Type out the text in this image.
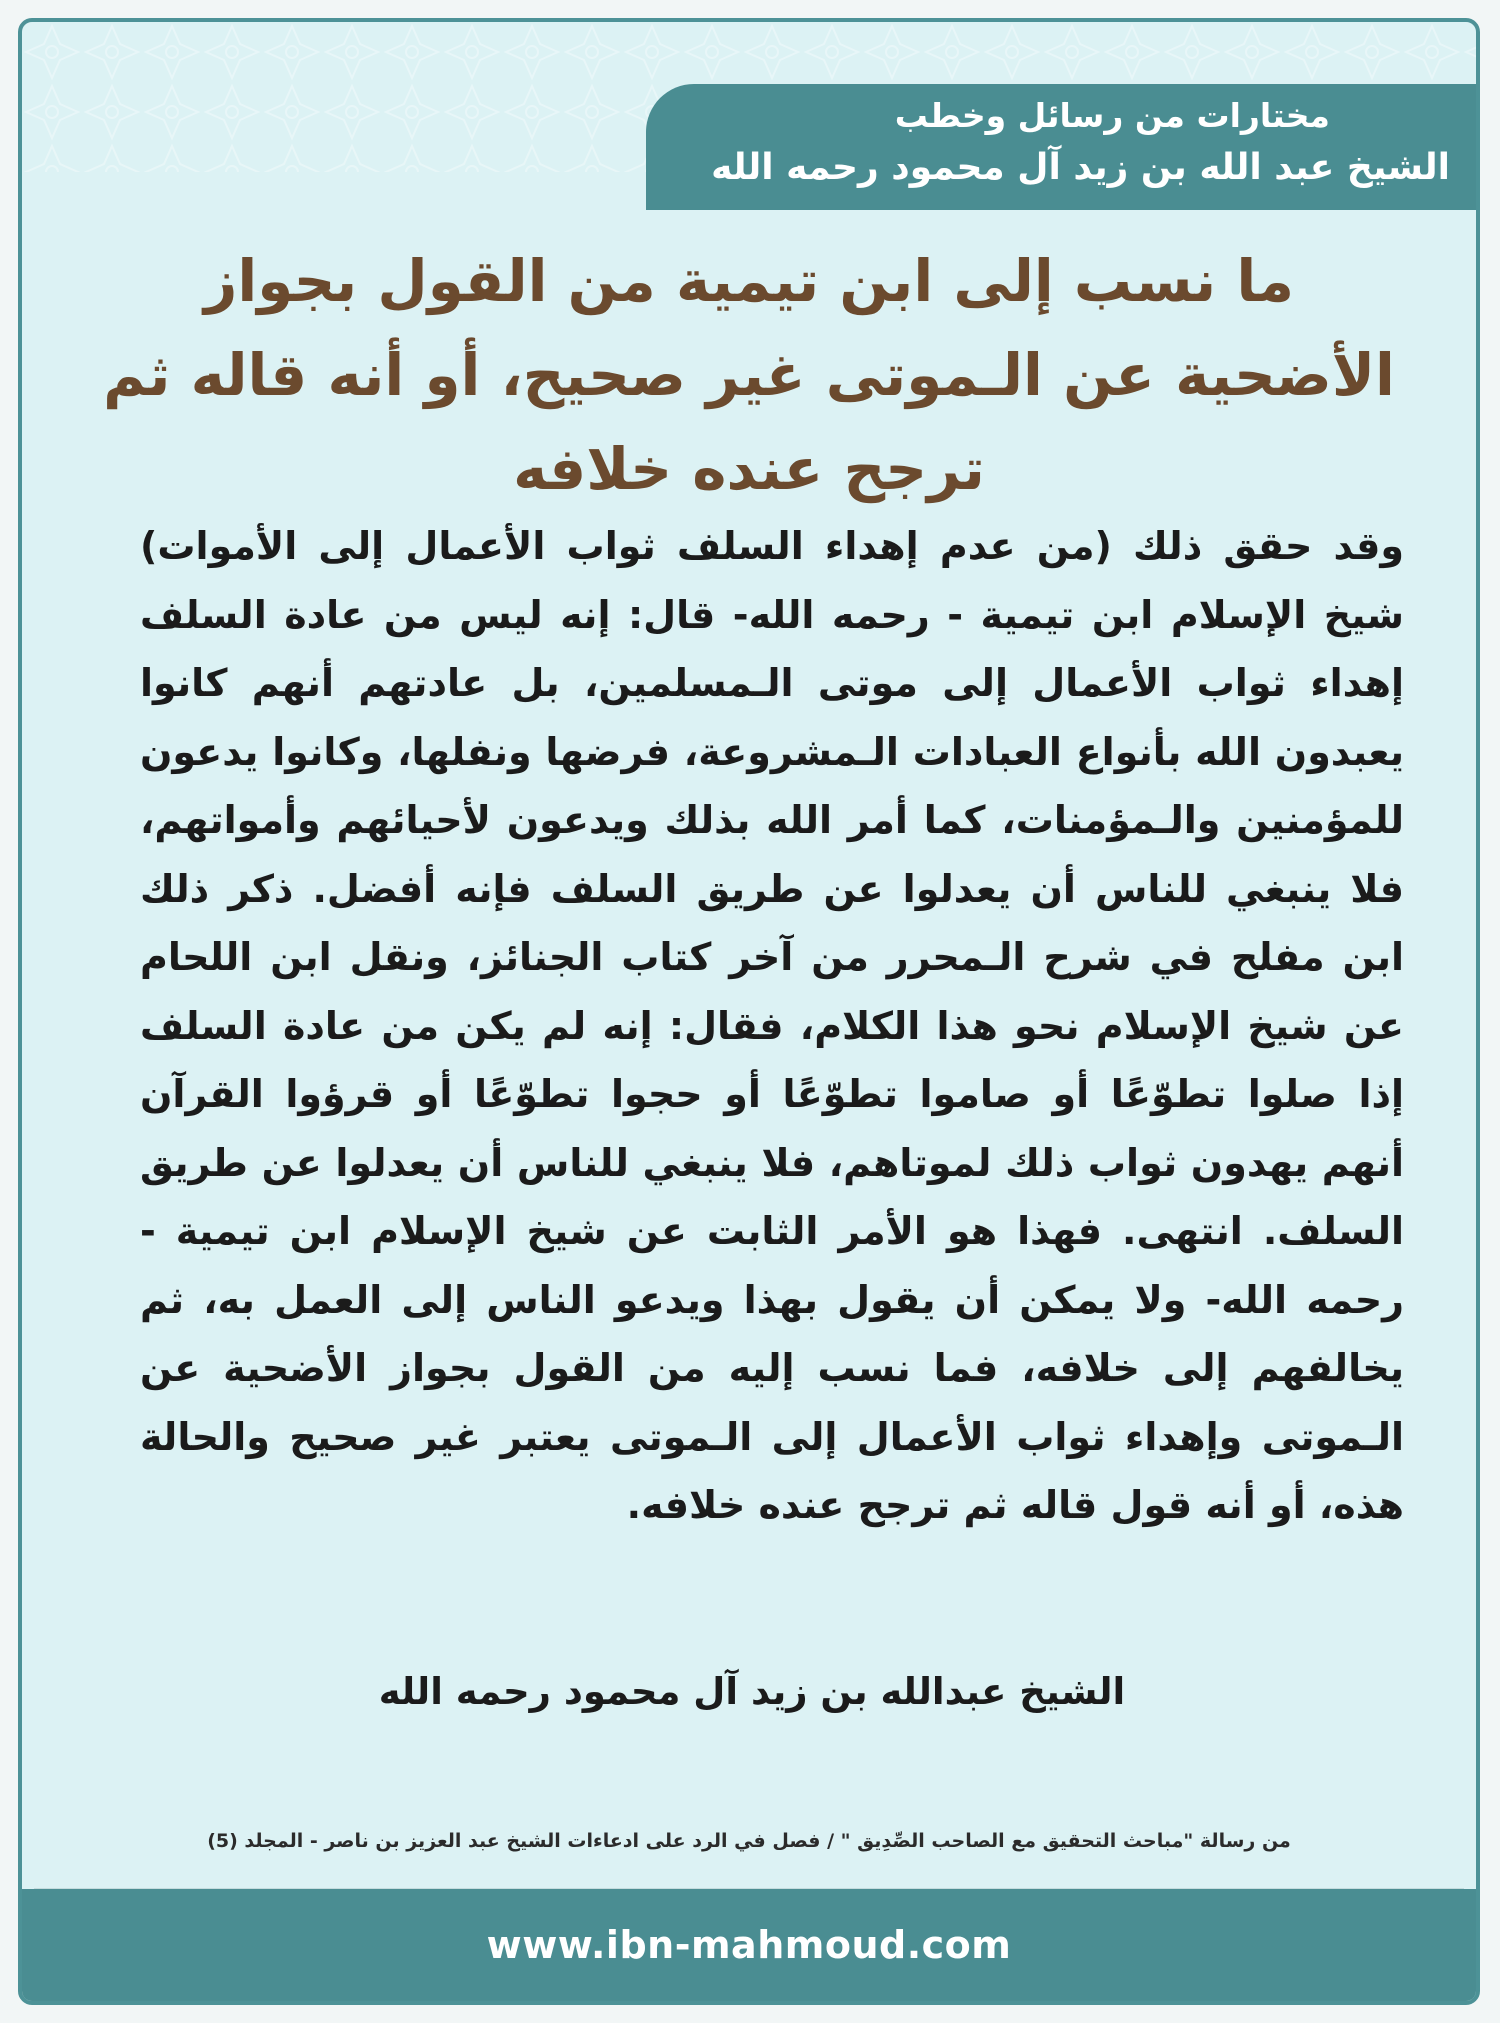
مختارات من رسائل وخطب
الشيخ عبد الله بن زيد آل محمود رحمه الله
ما نسب إلى ابن تيمية من القول بجواز الأضحية عن الـموتى غير صحيح، أو أنه قاله ثم ترجح عنده خلافه
وقد حقق ذلك (من عدم إهداء السلف ثواب الأعمال إلى الأموات) شيخ الإسلام ابن تيمية - رحمه الله- قال: إنه ليس من عادة السلف إهداء ثواب الأعمال إلى موتى الـمسلمين، بل عادتهم أنهم كانوا يعبدون الله بأنواع العبادات الـمشروعة، فرضها ونفلها، وكانوا يدعون للمؤمنين والـمؤمنات، كما أمر الله بذلك ويدعون لأحيائهم وأمواتهم، فلا ينبغي للناس أن يعدلوا عن طريق السلف فإنه أفضل. ذكر ذلك ابن مفلح في شرح الـمحرر من آخر كتاب الجنائز، ونقل ابن اللحام عن شيخ الإسلام نحو هذا الكلام، فقال: إنه لم يكن من عادة السلف إذا صلوا تطوّعًا أو صاموا تطوّعًا أو حجوا تطوّعًا أو قرؤوا القرآن أنهم يهدون ثواب ذلك لموتاهم، فلا ينبغي للناس أن يعدلوا عن طريق السلف. انتهى. فهذا هو الأمر الثابت عن شيخ الإسلام ابن تيمية - رحمه الله- ولا يمكن أن يقول بهذا ويدعو الناس إلى العمل به، ثم يخالفهم إلى خلافه، فما نسب إليه من القول بجواز الأضحية عن الـموتى وإهداء ثواب الأعمال إلى الـموتى يعتبر غير صحيح والحالة هذه، أو أنه قول قاله ثم ترجح عنده خلافه.
الشيخ عبدالله بن زيد آل محمود رحمه الله
من رسالة "مباحث التحقيق مع الصاحب الصِّدِيق " / فصل في الرد على ادعاءات الشيخ عبد العزيز بن ناصر - المجلد (5)
www.ibn-mahmoud.com
